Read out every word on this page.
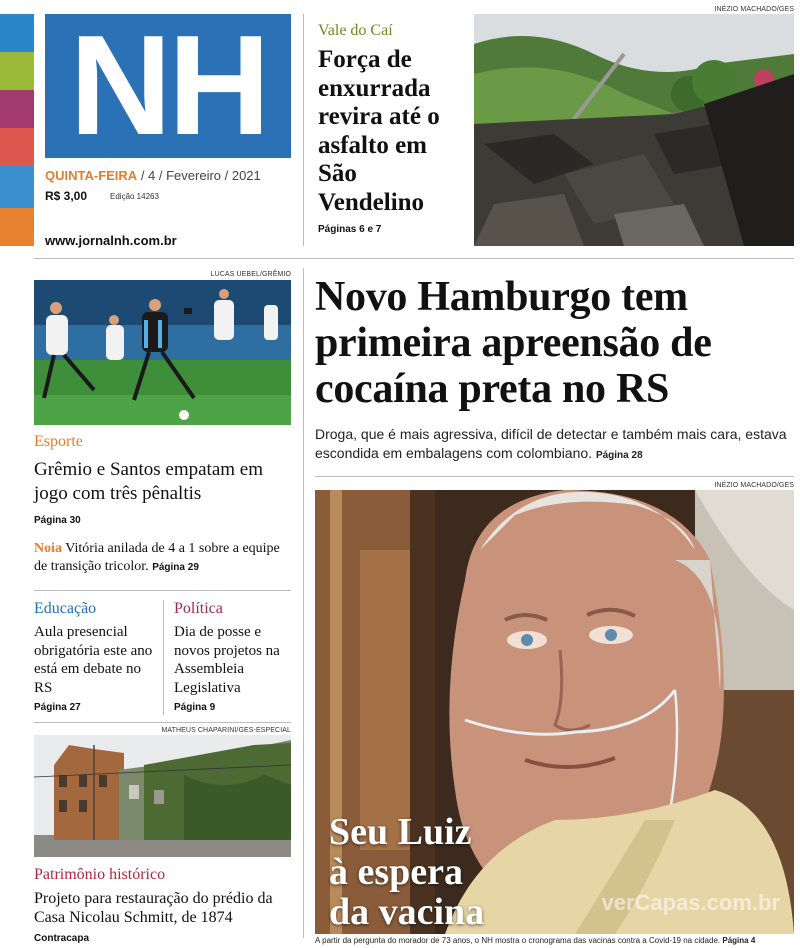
NH
QUINTA-FEIRA / 4 / Fevereiro / 2021
R$ 3,00	Edição 14263
www.jornalnh.com.br
Vale do Caí
Força de enxurrada revira até o asfalto em São Vendelino
Páginas 6 e 7
INÉZIO MACHADO/GES
LUCAS UEBEL/GRÊMIO
Esporte
Grêmio e Santos empatam em jogo com três pênaltis
Página 30
Noia Vitória anilada de 4 a 1 sobre a equipe de transição tricolor. Página 29
Educação
Aula presencial obrigatória este ano está em debate no RS
Página 27
Política
Dia de posse e novos projetos na Assembleia Legislativa
Página 9
MATHEUS CHAPARINI/GES-ESPECIAL
Patrimônio histórico
Projeto para restauração do prédio da Casa Nicolau Schmitt, de 1874
Contracapa
Novo Hamburgo tem primeira apreensão de cocaína preta no RS
Droga, que é mais agressiva, difícil de detectar e também mais cara, estava escondida em embalagens com colombiano. Página 28
INÉZIO MACHADO/GES
Seu Luiz
à espera
da vacina	verCapas.com.br
A partir da pergunta do morador de 73 anos, o NH mostra o cronograma das vacinas contra a Covid-19 na cidade. Página 4
